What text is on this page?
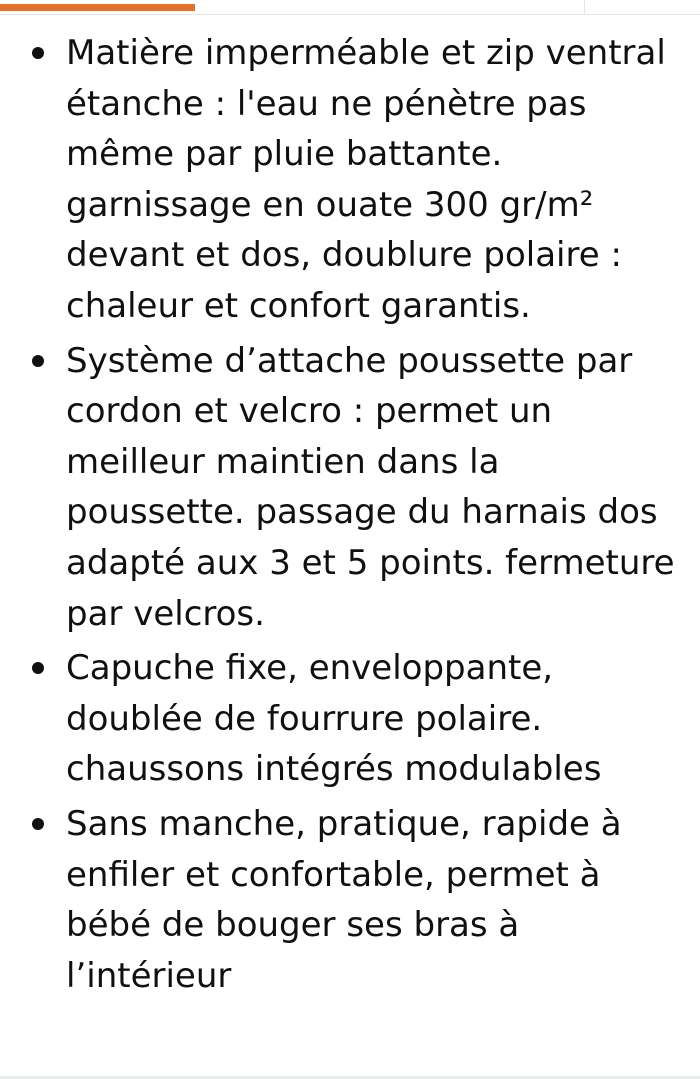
Matière imperméable et zip ventral étanche : l'eau ne pénètre pas même par pluie battante. garnissage en ouate 300 gr/m² devant et dos, doublure polaire : chaleur et confort garantis.
Système d’attache poussette par cordon et velcro : permet un meilleur maintien dans la poussette. passage du harnais dos adapté aux 3 et 5 points. fermeture par velcros.
Capuche fixe, enveloppante, doublée de fourrure polaire. chaussons intégrés modulables
Sans manche, pratique, rapide à enfiler et confortable, permet à bébé de bouger ses bras à l’intérieur
